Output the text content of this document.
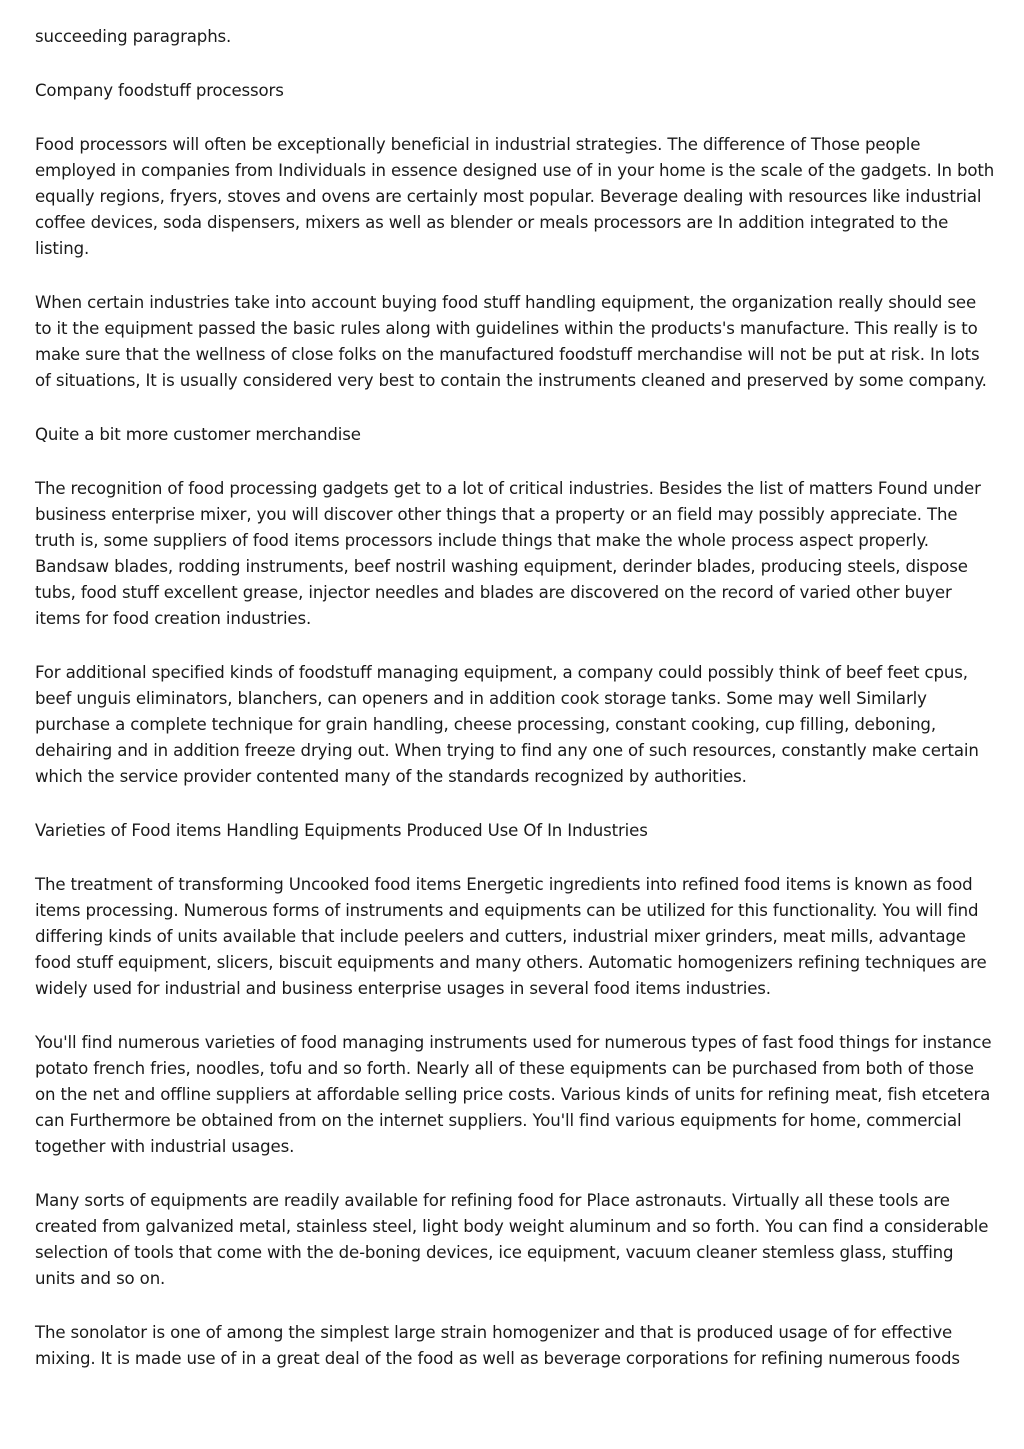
succeeding paragraphs.

Company foodstuff processors

Food processors will often be exceptionally beneficial in industrial strategies. The difference of Those people employed in companies from Individuals in essence designed use of in your home is the scale of the gadgets. In both equally regions, fryers, stoves and ovens are certainly most popular. Beverage dealing with resources like industrial coffee devices, soda dispensers, mixers as well as blender or meals processors are In addition integrated to the listing.

When certain industries take into account buying food stuff handling equipment, the organization really should see to it the equipment passed the basic rules along with guidelines within the products's manufacture. This really is to make sure that the wellness of close folks on the manufactured foodstuff merchandise will not be put at risk. In lots of situations, It is usually considered very best to contain the instruments cleaned and preserved by some company.

Quite a bit more customer merchandise

The recognition of food processing gadgets get to a lot of critical industries. Besides the list of matters Found under business enterprise mixer, you will discover other things that a property or an field may possibly appreciate. The truth is, some suppliers of food items processors include things that make the whole process aspect properly. Bandsaw blades, rodding instruments, beef nostril washing equipment, derinder blades, producing steels, dispose tubs, food stuff excellent grease, injector needles and blades are discovered on the record of varied other buyer items for food creation industries.

For additional specified kinds of foodstuff managing equipment, a company could possibly think of beef feet cpus, beef unguis eliminators, blanchers, can openers and in addition cook storage tanks. Some may well Similarly purchase a complete technique for grain handling, cheese processing, constant cooking, cup filling, deboning, dehairing and in addition freeze drying out. When trying to find any one of such resources, constantly make certain which the service provider contented many of the standards recognized by authorities.

Varieties of Food items Handling Equipments Produced Use Of In Industries

The treatment of transforming Uncooked food items Energetic ingredients into refined food items is known as food items processing. Numerous forms of instruments and equipments can be utilized for this functionality. You will find differing kinds of units available that include peelers and cutters, industrial mixer grinders, meat mills, advantage food stuff equipment, slicers, biscuit equipments and many others. Automatic homogenizers refining techniques are widely used for industrial and business enterprise usages in several food items industries.

You'll find numerous varieties of food managing instruments used for numerous types of fast food things for instance potato french fries, noodles, tofu and so forth. Nearly all of these equipments can be purchased from both of those on the net and offline suppliers at affordable selling price costs. Various kinds of units for refining meat, fish etcetera can Furthermore be obtained from on the internet suppliers. You'll find various equipments for home, commercial together with industrial usages.

Many sorts of equipments are readily available for refining food for Place astronauts. Virtually all these tools are created from galvanized metal, stainless steel, light body weight aluminum and so forth. You can find a considerable selection of tools that come with the de-boning devices, ice equipment, vacuum cleaner stemless glass, stuffing units and so on.

The sonolator is one of among the simplest large strain homogenizer and that is produced usage of for effective mixing. It is made use of in a great deal of the food as well as beverage corporations for refining numerous foods
